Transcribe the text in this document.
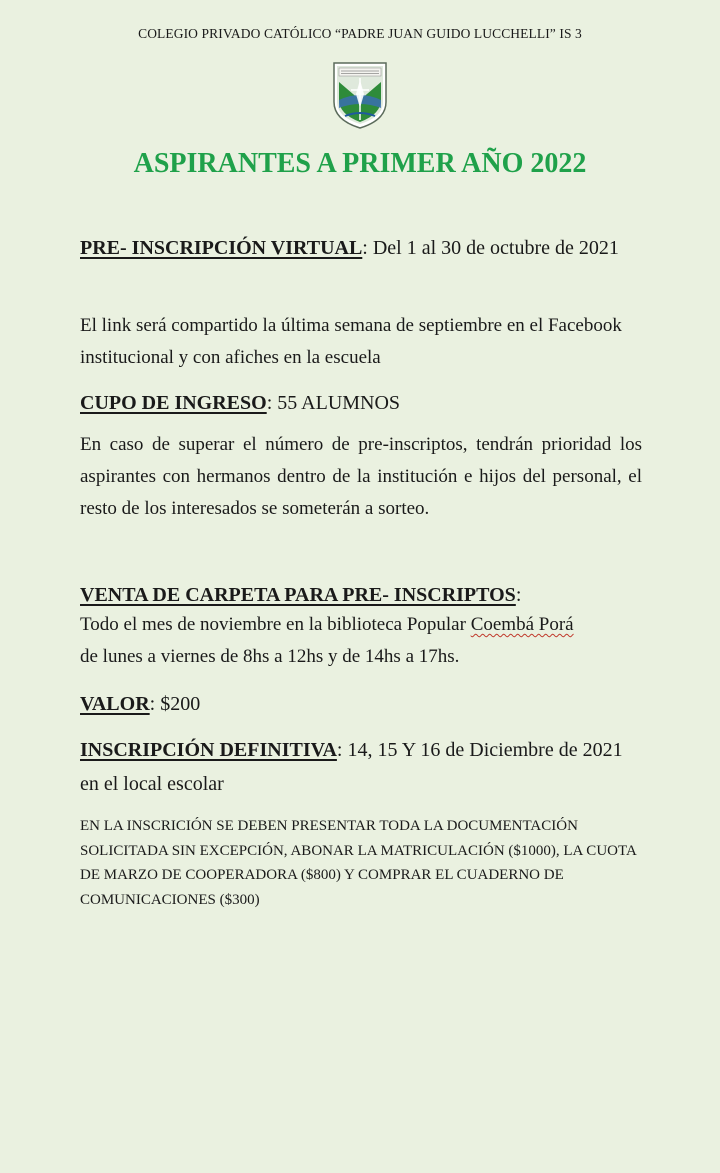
COLEGIO PRIVADO CATÓLICO “PADRE JUAN GUIDO LUCCHELLI” IS 3
ASPIRANTES A PRIMER AÑO 2022

PRE- INSCRIPCIÓN VIRTUAL: Del 1 al 30 de octubre de 2021

El link será compartido la última semana de septiembre en el Facebook institucional y con afiches en la escuela

CUPO DE INGRESO: 55 ALUMNOS

En caso de superar el número de pre-inscriptos, tendrán prioridad los aspirantes con hermanos dentro de la institución e hijos del personal, el resto de los interesados se someterán a sorteo.

VENTA DE CARPETA PARA PRE- INSCRIPTOS:

Todo el mes de noviembre en la biblioteca Popular Coembá Porá

de lunes a viernes de 8hs a 12hs y de 14hs a 17hs.

VALOR: $200

INSCRIPCIÓN DEFINITIVA: 14, 15 Y 16 de Diciembre de 2021 en el local escolar

EN LA INSCRICIÓN SE DEBEN PRESENTAR TODA LA DOCUMENTACIÓN SOLICITADA SIN EXCEPCIÓN, ABONAR LA MATRICULACIÓN ($1000), LA CUOTA DE MARZO DE COOPERADORA ($800) Y COMPRAR EL CUADERNO DE COMUNICACIONES ($300)
